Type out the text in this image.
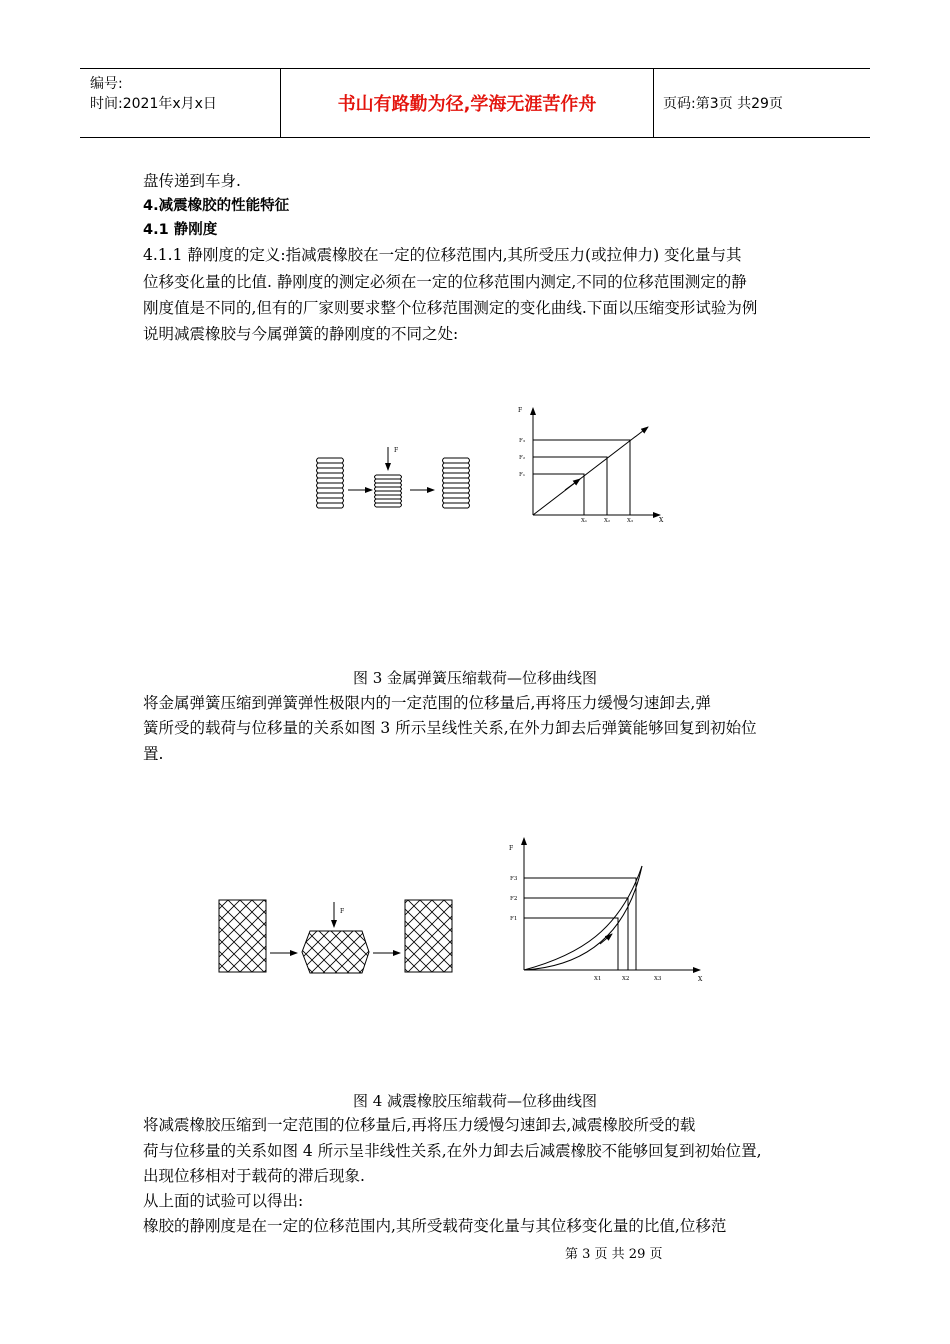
编号:
时间:2021年x月x日	书山有路勤为径,学海无涯苦作舟	页码:第3页 共29页
盘传递到车身.
4.减震橡胶的性能特征
4.1 静刚度
4.1.1 静刚度的定义:指减震橡胶在一定的位移范围内,其所受压力(或拉伸力) 变化量与其
位移变化量的比值. 静刚度的测定必须在一定的位移范围内测定,不同的位移范围测定的静
刚度值是不同的,但有的厂家则要求整个位移范围测定的变化曲线.下面以压缩变形试验为例
说明减震橡胶与今属弹簧的静刚度的不同之处:
F
F
X
F₃
F₂
F₁
X₁	X₂	X₃
图 3 金属弹簧压缩载荷—位移曲线图
将金属弹簧压缩到弹簧弹性极限内的一定范围的位移量后,再将压力缓慢匀速卸去,弹
簧所受的载荷与位移量的关系如图 3 所示呈线性关系,在外力卸去后弹簧能够回复到初始位
置.
F
F
X
F3
F2
F1
X1	X2	X3
图 4 减震橡胶压缩载荷—位移曲线图
将减震橡胶压缩到一定范围的位移量后,再将压力缓慢匀速卸去,减震橡胶所受的载
荷与位移量的关系如图 4 所示呈非线性关系,在外力卸去后减震橡胶不能够回复到初始位置,
出现位移相对于载荷的滞后现象.
从上面的试验可以得出:
橡胶的静刚度是在一定的位移范围内,其所受载荷变化量与其位移变化量的比值,位移范
第 3 页 共 29 页
